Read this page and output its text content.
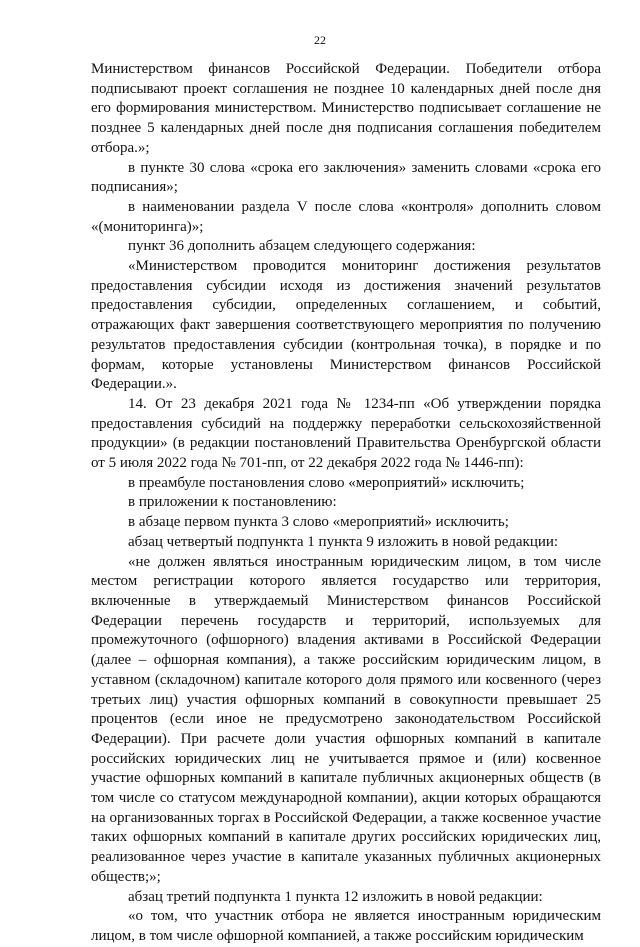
22

Министерством финансов Российской Федерации. Победители отбора подписывают проект соглашения не позднее 10 календарных дней после дня его формирования министерством. Министерство подписывает соглашение не позднее 5 календарных дней после дня подписания соглашения победителем отбора.»;

в пункте 30 слова «срока его заключения» заменить словами «срока его подписания»;

в наименовании раздела V после слова «контроля» дополнить словом «(мониторинга)»;

пункт 36 дополнить абзацем следующего содержания:

«Министерством проводится мониторинг достижения результатов предоставления субсидии исходя из достижения значений результатов предоставления субсидии, определенных соглашением, и событий, отражающих факт завершения соответствующего мероприятия по получению результатов предоставления субсидии (контрольная точка), в порядке и по формам, которые установлены Министерством финансов Российской Федерации.».

14. От 23 декабря 2021 года № 1234-пп «Об утверждении порядка предоставления субсидий на поддержку переработки сельскохозяйственной продукции» (в редакции постановлений Правительства Оренбургской области от 5 июля 2022 года № 701-пп, от 22 декабря 2022 года № 1446-пп):

в преамбуле постановления слово «мероприятий» исключить;

в приложении к постановлению:

в абзаце первом пункта 3 слово «мероприятий» исключить;

абзац четвертый подпункта 1 пункта 9 изложить в новой редакции:

«не должен являться иностранным юридическим лицом, в том числе местом регистрации которого является государство или территория, включенные в утверждаемый Министерством финансов Российской Федерации перечень государств и территорий, используемых для промежуточного (офшорного) владения активами в Российской Федерации (далее – офшорная компания), а также российским юридическим лицом, в уставном (складочном) капитале которого доля прямого или косвенного (через третьих лиц) участия офшорных компаний в совокупности превышает 25 процентов (если иное не предусмотрено законодательством Российской Федерации). При расчете доли участия офшорных компаний в капитале российских юридических лиц не учитывается прямое и (или) косвенное участие офшорных компаний в капитале публичных акционерных обществ (в том числе со статусом международной компании), акции которых обращаются на организованных торгах в Российской Федерации, а также косвенное участие таких офшорных компаний в капитале других российских юридических лиц, реализованное через участие в капитале указанных публичных акционерных обществ;»;

абзац третий подпункта 1 пункта 12 изложить в новой редакции:

«о том, что участник отбора не является иностранным юридическим лицом, в том числе офшорной компанией, а также российским юридическим
